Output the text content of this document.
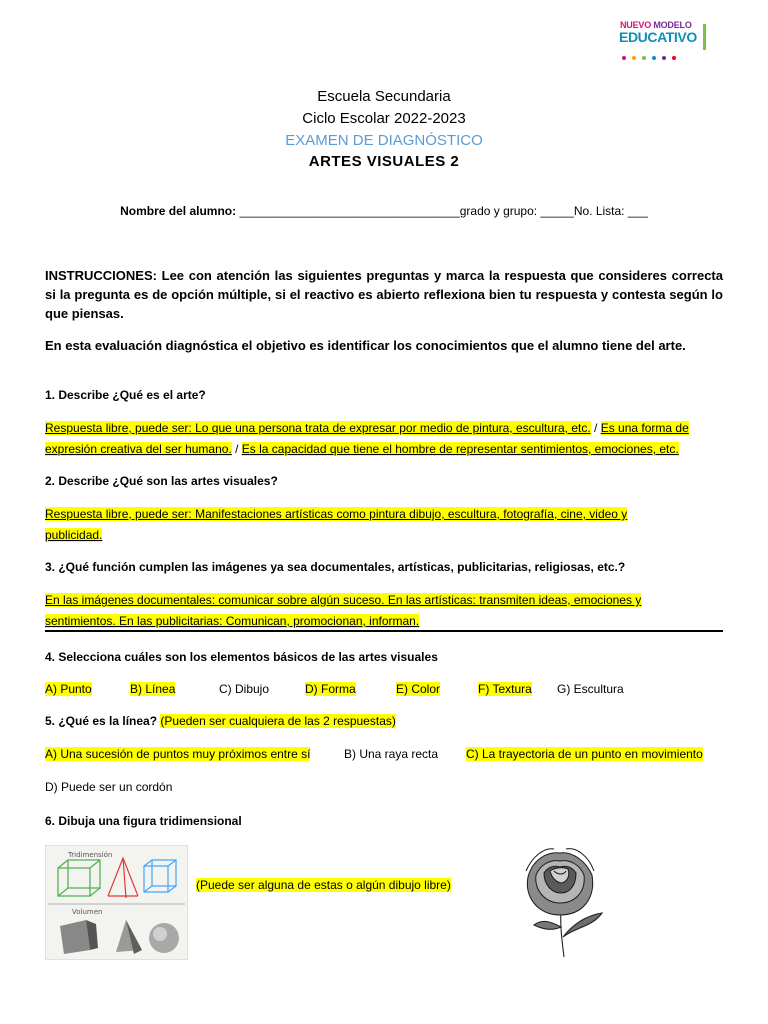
NUEVO MODELO
EDUCATIVO
Escuela Secundaria
Ciclo Escolar 2022-2023
EXAMEN DE DIAGNÓSTICO
ARTES VISUALES 2
Nombre del alumno: _________________________________grado y grupo: _____No. Lista: ___
INSTRUCCIONES: Lee con atención las siguientes preguntas y marca la respuesta que consideres correcta si la pregunta es de opción múltiple, si el reactivo es abierto reflexiona bien tu respuesta y contesta según lo que piensas.
En esta evaluación diagnóstica el objetivo es identificar los conocimientos que el alumno tiene del arte.
1. Describe ¿Qué es el arte?
Respuesta libre, puede ser: Lo que una persona trata de expresar por medio de pintura, escultura, etc. / Es una forma de expresión creativa del ser humano. / Es la capacidad que tiene el hombre de representar sentimientos, emociones, etc.
2. Describe ¿Qué son las artes visuales?
Respuesta libre, puede ser: Manifestaciones artísticas como pintura dibujo, escultura, fotografía, cine, video y publicidad.
3. ¿Qué función cumplen las imágenes ya sea documentales, artísticas, publicitarias, religiosas, etc.?
En las imágenes documentales: comunicar sobre algún suceso. En las artísticas: transmiten ideas, emociones y sentimientos. En las publicitarias: Comunican, promocionan, informan.
4. Selecciona cuáles son los elementos básicos de las artes visuales
A) Punto	B) Línea	C) Dibujo	D) Forma	E) Color	F) Textura G) Escultura
5. ¿Qué es la línea? (Pueden ser cualquiera de las 2 respuestas)
A) Una sucesión de puntos muy próximos entre sí	B) Una raya recta C) La trayectoria de un punto en movimiento
D) Puede ser un cordón
6. Dibuja una figura tridimensional
Tridimensión
Volumen
(Puede ser alguna de estas o algún dibujo libre)
